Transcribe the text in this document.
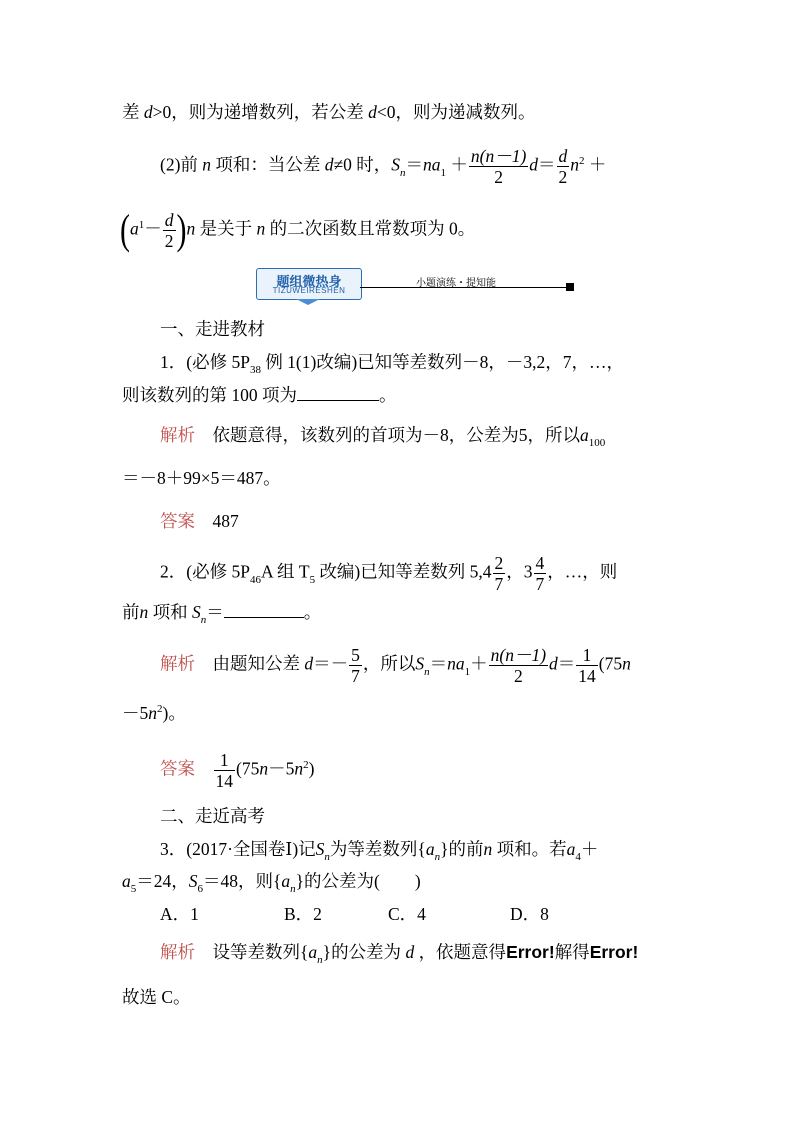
差 d>0，则为递增数列，若公差 d<0，则为递减数列。
(2)前 n 项和：当公差 d≠0 时，$S_n=na_1 + \frac{n(n-1)}{2} d= \frac{d}{2} n^2$ ＋
$(a^1- \frac{d}{2} )n$ 是关于 n 的二次函数且常数项为 0。
题组微热身
TIZUWEIRESHEN
小题演练・提知能
一、走进教材
1．(必修 $5P_{38}$ 例 1(1)改编)已知等差数列－8，－3,2，7，…，
则该数列的第 100 项为	。
解析 依题意得，该数列的首项为－8，公差为5，所以$a_{100}$
＝－8＋99×5＝487。
答案 487
2．(必修 $5P_{46}A$ 组 $T_5$ 改编)已知等差数列 $5,4 \frac{2}{7}$ ，$3 \frac{4}{7}$ ，…，则
前n 项和 $S_n=$	。
解析 由题知公差 $d=- \frac{5}{7}$ ，所以$S_n=na_1+ \frac{n(n-1)}{2} d= \frac{1}{14} (75n$
$-5n^2$)。
答案 $\frac{1}{14} (75n-5n^2)$
二、走近高考
3．(2017·全国卷Ⅰ)记$S_n$为等差数列$\{a_n\}$的前n 项和。若$a_4+$
$a_5=24$，$S_6=48$，则$\{a_n\}$的公差为(　　)
A．1	B．2	C．4	D．8
解析 设等差数列$\{a_n\}$的公差为 d ，依题意得Error!解得Error!
故选 C。
